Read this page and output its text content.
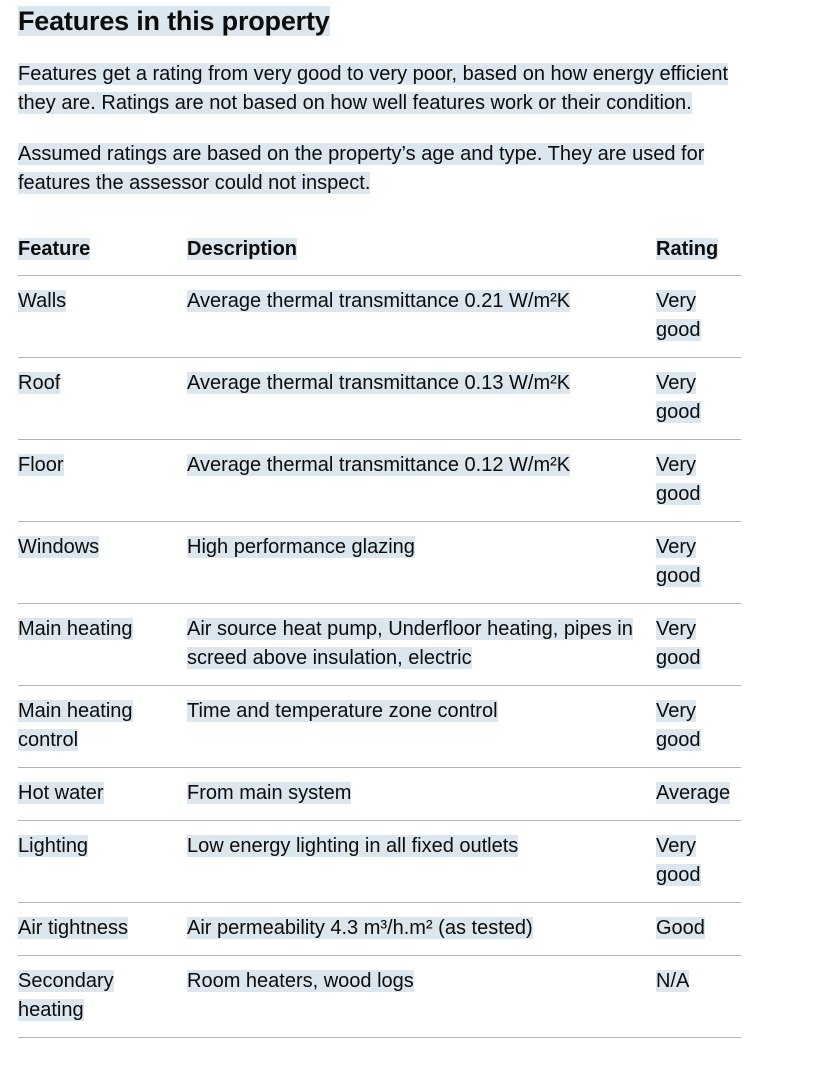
Features in this property

Features get a rating from very good to very poor, based on how energy efficient they are. Ratings are not based on how well features work or their condition.

Assumed ratings are based on the property’s age and type. They are used for features the assessor could not inspect.

Feature	Description	Rating
Walls	Average thermal transmittance 0.21 W/m²K	Very good
Roof	Average thermal transmittance 0.13 W/m²K	Very good
Floor	Average thermal transmittance 0.12 W/m²K	Very good
Windows	High performance glazing	Very good
Main heating	Air source heat pump, Underfloor heating, pipes in screed above insulation, electric	Very good
Main heating control	Time and temperature zone control	Very good
Hot water	From main system	Average
Lighting	Low energy lighting in all fixed outlets	Very good
Air tightness	Air permeability 4.3 m³/h.m² (as tested)	Good
Secondary heating	Room heaters, wood logs	N/A
